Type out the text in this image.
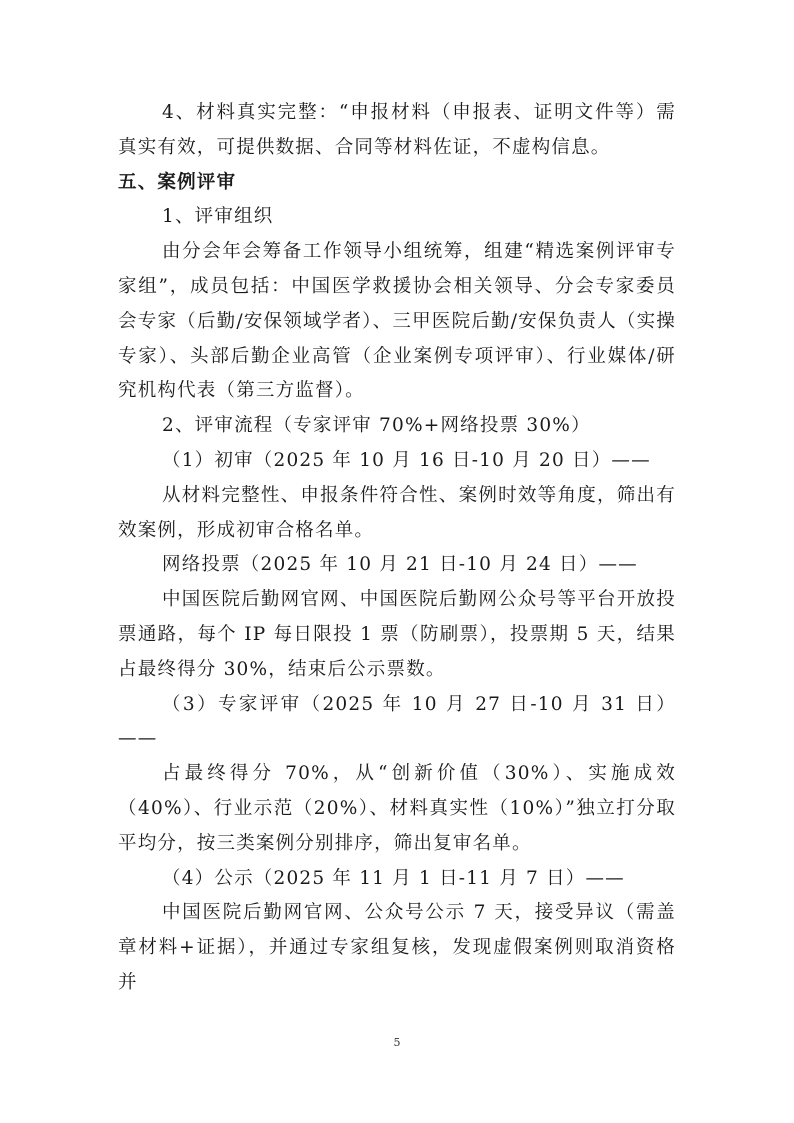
4、材料真实完整：“申报材料（申报表、证明文件等）需真实有效，可提供数据、合同等材料佐证，不虚构信息。

五、案例评审

1、评审组织

由分会年会筹备工作领导小组统筹，组建“精选案例评审专家组”，成员包括：中国医学救援协会相关领导、分会专家委员会专家（后勤/安保领域学者）、三甲医院后勤/安保负责人（实操专家）、头部后勤企业高管（企业案例专项评审）、行业媒体/研究机构代表（第三方监督）。

2、评审流程（专家评审 70%+网络投票 30%）

（1）初审（2025 年 10 月 16 日-10 月 20 日）——

从材料完整性、申报条件符合性、案例时效等角度，筛出有效案例，形成初审合格名单。

网络投票（2025 年 10 月 21 日-10 月 24 日）——

中国医院后勤网官网、中国医院后勤网公众号等平台开放投票通路，每个 IP 每日限投 1 票（防刷票），投票期 5 天，结果占最终得分 30%，结束后公示票数。

（3）专家评审（2025 年 10 月 27 日-10 月 31 日）——

占最终得分 70%，从“创新价值（30%）、实施成效（40%）、行业示范（20%）、材料真实性（10%）”独立打分取平均分，按三类案例分别排序，筛出复审名单。

（4）公示（2025 年 11 月 1 日-11 月 7 日）——

中国医院后勤网官网、公众号公示 7 天，接受异议（需盖章材料+证据），并通过专家组复核，发现虚假案例则取消资格并

5
